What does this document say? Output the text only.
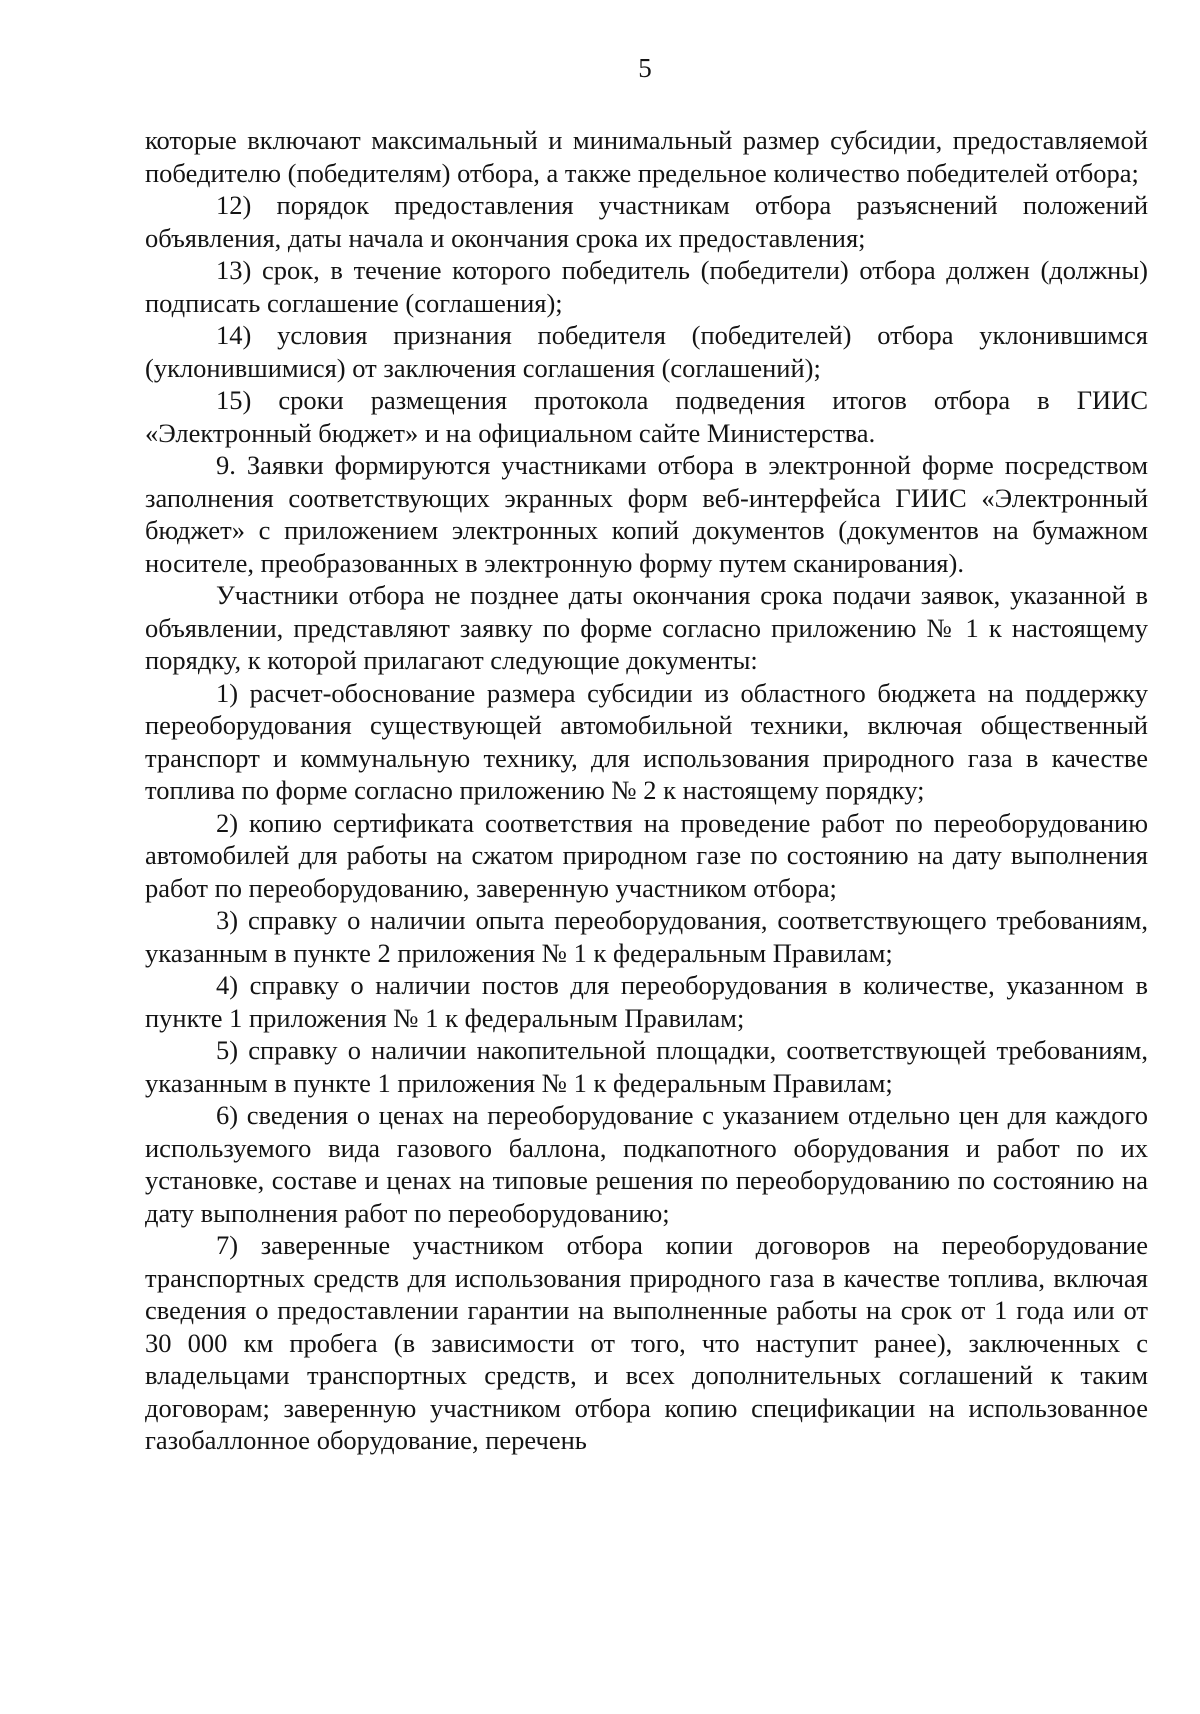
5

которые включают максимальный и минимальный размер субсидии, предоставляемой победителю (победителям) отбора, а также предельное количество победителей отбора;

12) порядок предоставления участникам отбора разъяснений положений объявления, даты начала и окончания срока их предоставления;

13) срок, в течение которого победитель (победители) отбора должен (должны) подписать соглашение (соглашения);

14) условия признания победителя (победителей) отбора уклонившимся (уклонившимися) от заключения соглашения (соглашений);

15) сроки размещения протокола подведения итогов отбора в ГИИС «Электронный бюджет» и на официальном сайте Министерства.

9. Заявки формируются участниками отбора в электронной форме посредством заполнения соответствующих экранных форм веб-интерфейса ГИИС «Электронный бюджет» с приложением электронных копий документов (документов на бумажном носителе, преобразованных в электронную форму путем сканирования).

Участники отбора не позднее даты окончания срока подачи заявок, указанной в объявлении, представляют заявку по форме согласно приложению № 1 к настоящему порядку, к которой прилагают следующие документы:

1) расчет-обоснование размера субсидии из областного бюджета на поддержку переоборудования существующей автомобильной техники, включая общественный транспорт и коммунальную технику, для использования природного газа в качестве топлива по форме согласно приложению № 2 к настоящему порядку;

2) копию сертификата соответствия на проведение работ по переоборудованию автомобилей для работы на сжатом природном газе по состоянию на дату выполнения работ по переоборудованию, заверенную участником отбора;

3) справку о наличии опыта переоборудования, соответствующего требованиям, указанным в пункте 2 приложения № 1 к федеральным Правилам;

4) справку о наличии постов для переоборудования в количестве, указанном в пункте 1 приложения № 1 к федеральным Правилам;

5) справку о наличии накопительной площадки, соответствующей требованиям, указанным в пункте 1 приложения № 1 к федеральным Правилам;

6) сведения о ценах на переоборудование с указанием отдельно цен для каждого используемого вида газового баллона, подкапотного оборудования и работ по их установке, составе и ценах на типовые решения по переоборудованию по состоянию на дату выполнения работ по переоборудованию;

7) заверенные участником отбора копии договоров на переоборудование транспортных средств для использования природного газа в качестве топлива, включая сведения о предоставлении гарантии на выполненные работы на срок от 1 года или от 30 000 км пробега (в зависимости от того, что наступит ранее), заключенных с владельцами транспортных средств, и всех дополнительных соглашений к таким договорам; заверенную участником отбора копию спецификации на использованное газобаллонное оборудование, перечень
